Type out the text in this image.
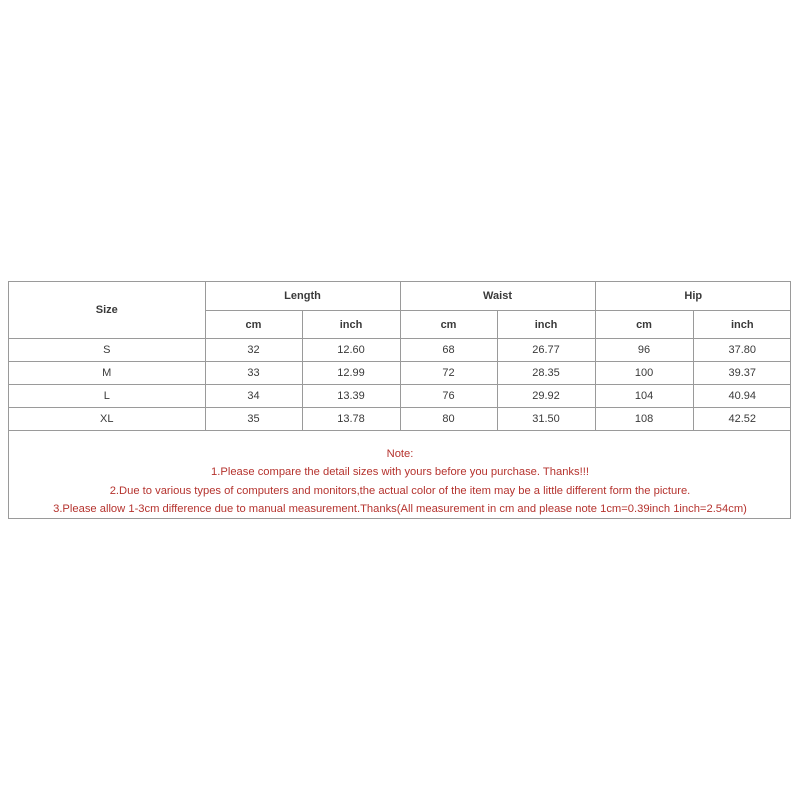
Size	Length		Waist		Hip	
	cm	inch	cm	inch	cm	inch
S	32	12.60	68	26.77	96	37.80
M	33	12.99	72	28.35	100	39.37
L	34	13.39	76	29.92	104	40.94
XL	35	13.78	80	31.50	108	42.52
Note:
1.Please compare the detail sizes with yours before you purchase. Thanks!!!
2.Due to various types of computers and monitors,the actual color of the item may be a little different form the picture.
3.Please allow 1-3cm difference due to manual measurement.Thanks(All measurement in cm and please note 1cm=0.39inch 1inch=2.54cm)
